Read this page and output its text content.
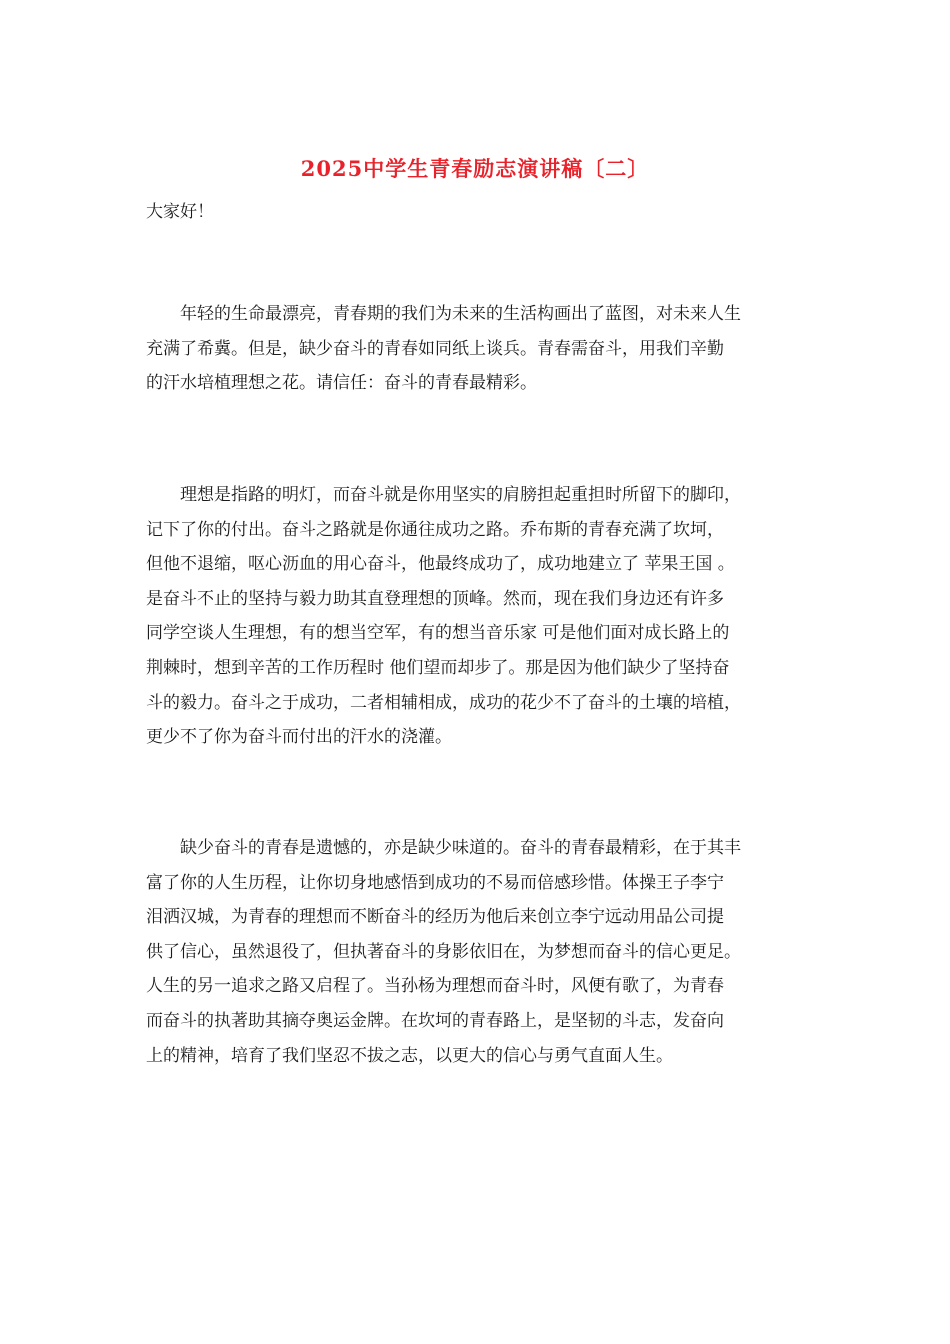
2025中学生青春励志演讲稿〔二〕
大家好！
　　年轻的生命最漂亮，青春期的我们为未来的生活构画出了蓝图，对未来人生
充满了希冀。但是，缺少奋斗的青春如同纸上谈兵。青春需奋斗，用我们辛勤
的汗水培植理想之花。请信任：奋斗的青春最精彩。
　　理想是指路的明灯，而奋斗就是你用坚实的肩膀担起重担时所留下的脚印，
记下了你的付出。奋斗之路就是你通往成功之路。乔布斯的青春充满了坎坷，
但他不退缩，呕心沥血的用心奋斗，他最终成功了，成功地建立了 苹果王国 。
是奋斗不止的坚持与毅力助其直登理想的顶峰。然而，现在我们身边还有许多
同学空谈人生理想，有的想当空军，有的想当音乐家 可是他们面对成长路上的
荆棘时，想到辛苦的工作历程时 他们望而却步了。那是因为他们缺少了坚持奋
斗的毅力。奋斗之于成功，二者相辅相成，成功的花少不了奋斗的土壤的培植，
更少不了你为奋斗而付出的汗水的浇灌。
　　缺少奋斗的青春是遗憾的，亦是缺少味道的。奋斗的青春最精彩，在于其丰
富了你的人生历程，让你切身地感悟到成功的不易而倍感珍惜。体操王子李宁
泪洒汉城，为青春的理想而不断奋斗的经历为他后来创立李宁远动用品公司提
供了信心，虽然退役了，但执著奋斗的身影依旧在，为梦想而奋斗的信心更足。
人生的另一追求之路又启程了。当孙杨为理想而奋斗时，风便有歌了，为青春
而奋斗的执著助其摘夺奥运金牌。在坎坷的青春路上，是坚韧的斗志，发奋向
上的精神，培育了我们坚忍不拔之志，以更大的信心与勇气直面人生。
